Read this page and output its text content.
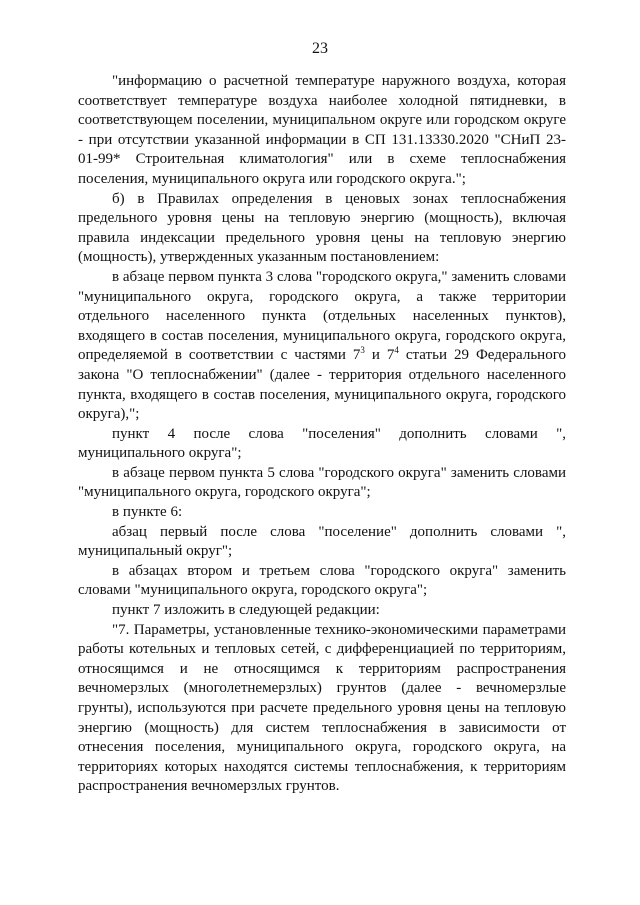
23

"информацию о расчетной температуре наружного воздуха, которая соответствует температуре воздуха наиболее холодной пятидневки, в соответствующем поселении, муниципальном округе или городском округе - при отсутствии указанной информации в СП 131.13330.2020 "СНиП 23-01-99* Строительная климатология" или в схеме теплоснабжения поселения, муниципального округа или городского округа.";

б) в Правилах определения в ценовых зонах теплоснабжения предельного уровня цены на тепловую энергию (мощность), включая правила индексации предельного уровня цены на тепловую энергию (мощность), утвержденных указанным постановлением:

в абзаце первом пункта 3 слова "городского округа," заменить словами "муниципального округа, городского округа, а также территории отдельного населенного пункта (отдельных населенных пунктов), входящего в состав поселения, муниципального округа, городского округа, определяемой в соответствии с частями $7^3$ и $7^4$ статьи 29 Федерального закона "О теплоснабжении" (далее - территория отдельного населенного пункта, входящего в состав поселения, муниципального округа, городского округа),";

пункт 4 после слова "поселения" дополнить словами ", муниципального округа";

в абзаце первом пункта 5 слова "городского округа" заменить словами "муниципального округа, городского округа";

в пункте 6:

абзац первый после слова "поселение" дополнить словами ", муниципальный округ";

в абзацах втором и третьем слова "городского округа" заменить словами "муниципального округа, городского округа";

пункт 7 изложить в следующей редакции:

"7. Параметры, установленные технико-экономическими параметрами работы котельных и тепловых сетей, с дифференциацией по территориям, относящимся и не относящимся к территориям распространения вечномерзлых (многолетнемерзлых) грунтов (далее - вечномерзлые грунты), используются при расчете предельного уровня цены на тепловую энергию (мощность) для систем теплоснабжения в зависимости от отнесения поселения, муниципального округа, городского округа, на территориях которых находятся системы теплоснабжения, к территориям распространения вечномерзлых грунтов.
